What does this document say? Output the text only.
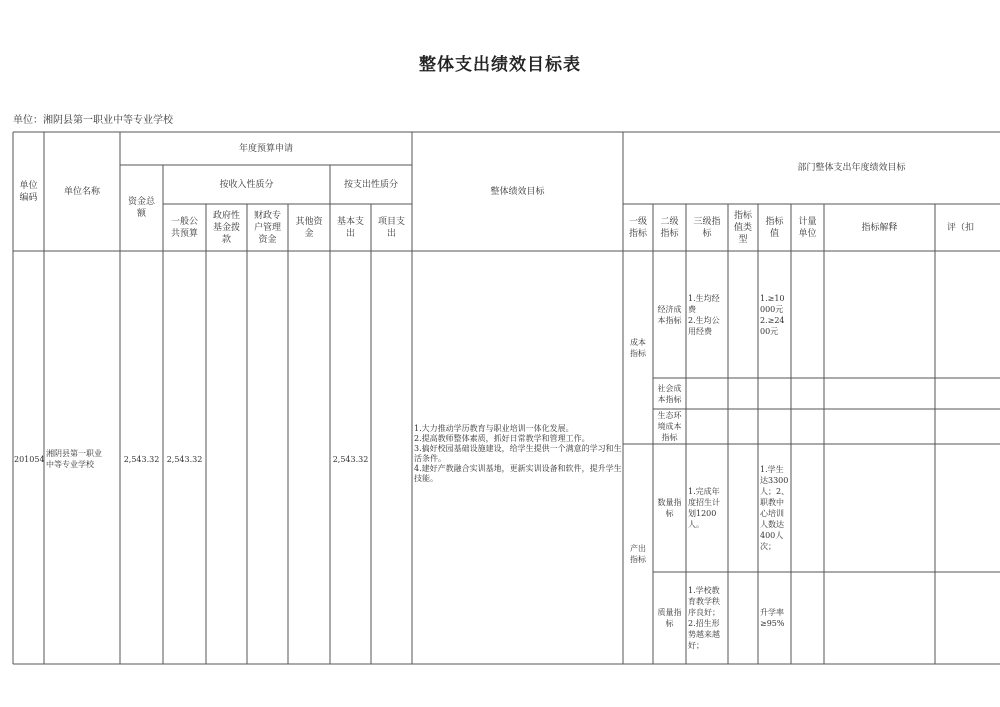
整体支出绩效目标表
单位：湘阴县第一职业中等专业学校
单位
编码
单位名称
年度预算申请
资金总
额
按收入性质分
一般公
共预算
政府性
基金拨
款
财政专
户管理
资金
其他资
金
按支出性质分
基本支
出
项目支
出
整体绩效目标
部门整体支出年度绩效目标
一级
指标
二级
指标
三级指
标
指标
值类
型
指标
值
计量
单位
指标解释	评（扣
201054
湘阴县第一职业
中等专业学校
2,543.32 2,543.32	2,543.32
1.大力推动学历教育与职业培训一体化发展。
2.提高教师整体素质，抓好日常教学和管理工作。
3.搞好校园基础设施建设，给学生提供一个满意的学习和生活条件。
4.建好产教融合实训基地，更新实训设备和软件，提升学生技能。
成本
指标
产出
指标
经济成
本指标
1.生均经
费
2.生均公
用经费
1.≥10
000元
2.≥24
00元
社会成
本指标
生态环
境成本
指标
数量指
标
1.完成年
度招生计
划1200
人。
1.学生
达3300
人；2、
职教中
心培训
人数达
400人
次；
质量指
标
1.学校教
育教学秩
序良好；
2.招生形
势越来越
好；
升学率
≥95%
